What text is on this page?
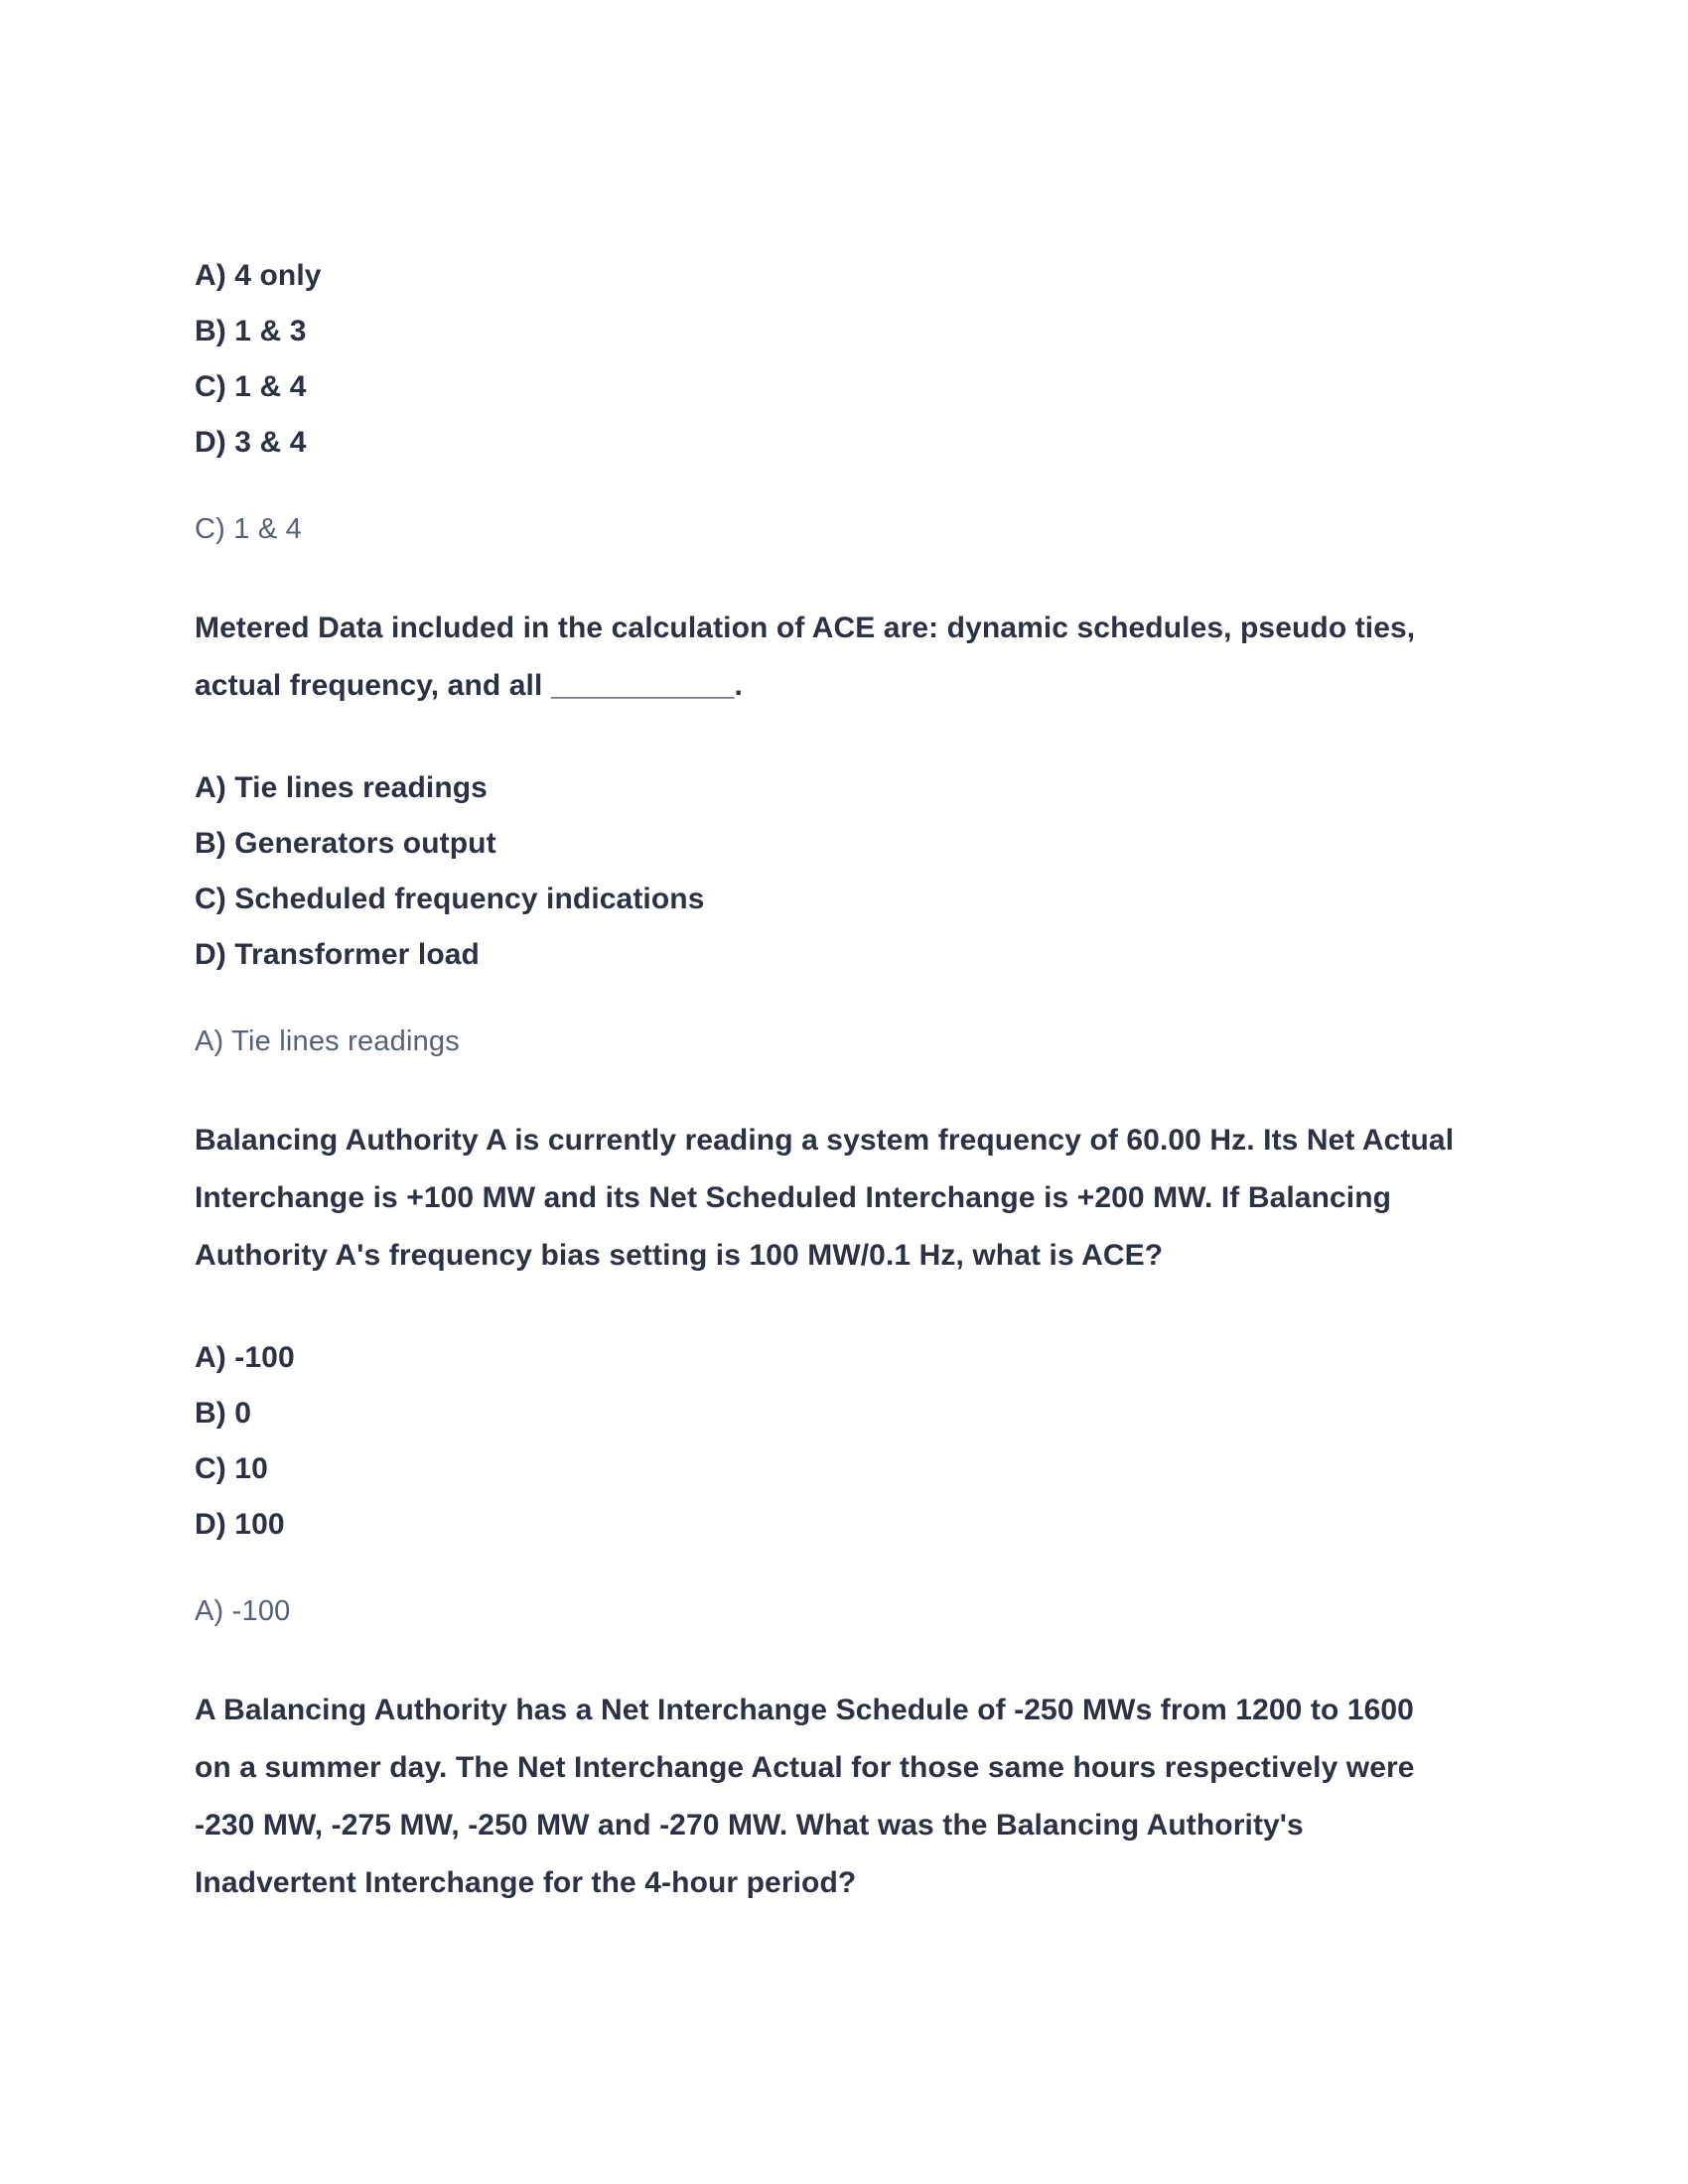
A) 4 only
B) 1 & 3
C) 1 & 4
D) 3 & 4
C) 1 & 4
Metered Data included in the calculation of ACE are: dynamic schedules, pseudo ties, actual frequency, and all ___________.
A) Tie lines readings
B) Generators output
C) Scheduled frequency indications
D) Transformer load
A) Tie lines readings
Balancing Authority A is currently reading a system frequency of 60.00 Hz. Its Net Actual Interchange is +100 MW and its Net Scheduled Interchange is +200 MW. If Balancing Authority A's frequency bias setting is 100 MW/0.1 Hz, what is ACE?
A) -100
B) 0
C) 10
D) 100
A) -100
A Balancing Authority has a Net Interchange Schedule of -250 MWs from 1200 to 1600 on a summer day. The Net Interchange Actual for those same hours respectively were -230 MW, -275 MW, -250 MW and -270 MW. What was the Balancing Authority's Inadvertent Interchange for the 4-hour period?
